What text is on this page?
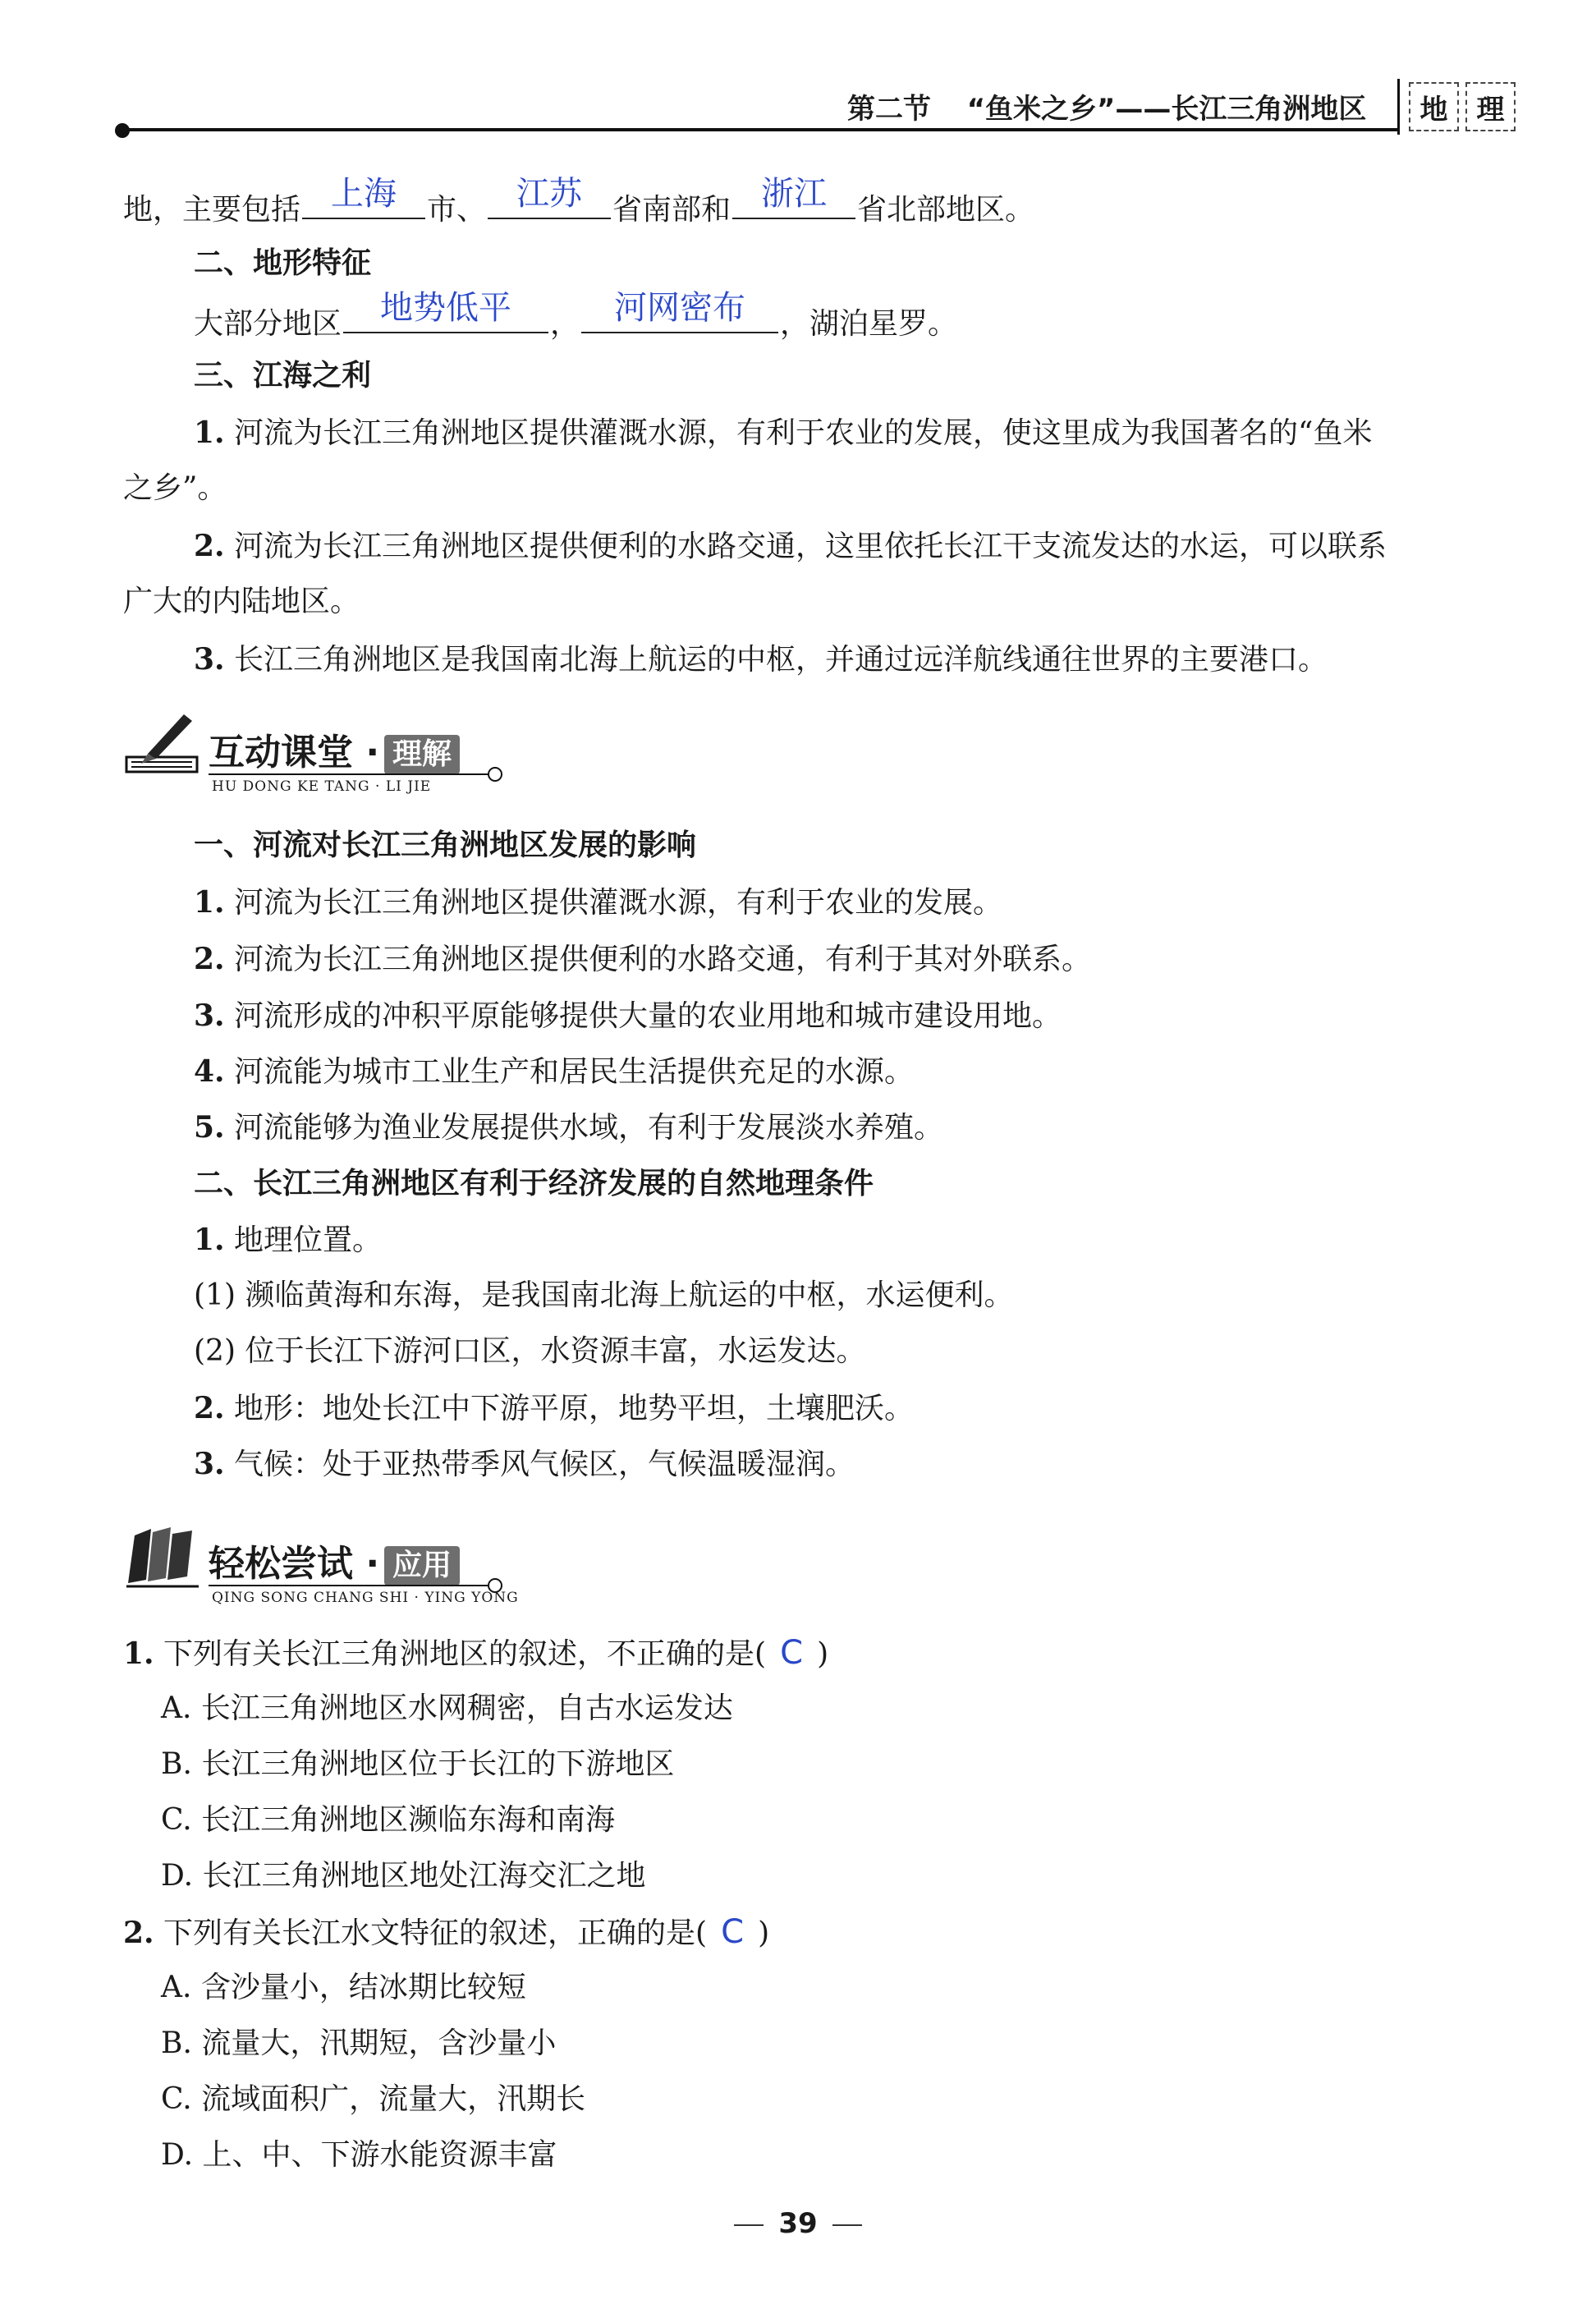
第二节 “鱼米之乡”——长江三角洲地区	地	理
地，主要包括 上海	市、 江苏	省南部和 浙江	省北部地区。
二、地形特征
大部分地区	地势低平	，	河网密布	，湖泊星罗。
三、江海之利
1. 河流为长江三角洲地区提供灌溉水源，有利于农业的发展，使这里成为我国著名的“鱼米
之乡”。
2. 河流为长江三角洲地区提供便利的水路交通，这里依托长江干支流发达的水运，可以联系
广大的内陆地区。
3. 长江三角洲地区是我国南北海上航运的中枢，并通过远洋航线通往世界的主要港口。
互动课堂 · 理解
HU DONG KE TANG · LI JIE
一、河流对长江三角洲地区发展的影响
1. 河流为长江三角洲地区提供灌溉水源，有利于农业的发展。
2. 河流为长江三角洲地区提供便利的水路交通，有利于其对外联系。
3. 河流形成的冲积平原能够提供大量的农业用地和城市建设用地。
4. 河流能为城市工业生产和居民生活提供充足的水源。
5. 河流能够为渔业发展提供水域，有利于发展淡水养殖。
二、长江三角洲地区有利于经济发展的自然地理条件
1. 地理位置。
(1) 濒临黄海和东海，是我国南北海上航运的中枢，水运便利。
(2) 位于长江下游河口区，水资源丰富，水运发达。
2. 地形：地处长江中下游平原，地势平坦，土壤肥沃。
3. 气候：处于亚热带季风气候区，气候温暖湿润。
轻松尝试 · 应用
QING SONG CHANG SHI · YING YONG
1. 下列有关长江三角洲地区的叙述，不正确的是( C )
A. 长江三角洲地区水网稠密，自古水运发达
B. 长江三角洲地区位于长江的下游地区
C. 长江三角洲地区濒临东海和南海
D. 长江三角洲地区地处江海交汇之地
2. 下列有关长江水文特征的叙述，正确的是( C )
A. 含沙量小，结冰期比较短
B. 流量大，汛期短，含沙量小
C. 流域面积广，流量大，汛期长
D. 上、中、下游水能资源丰富
39
